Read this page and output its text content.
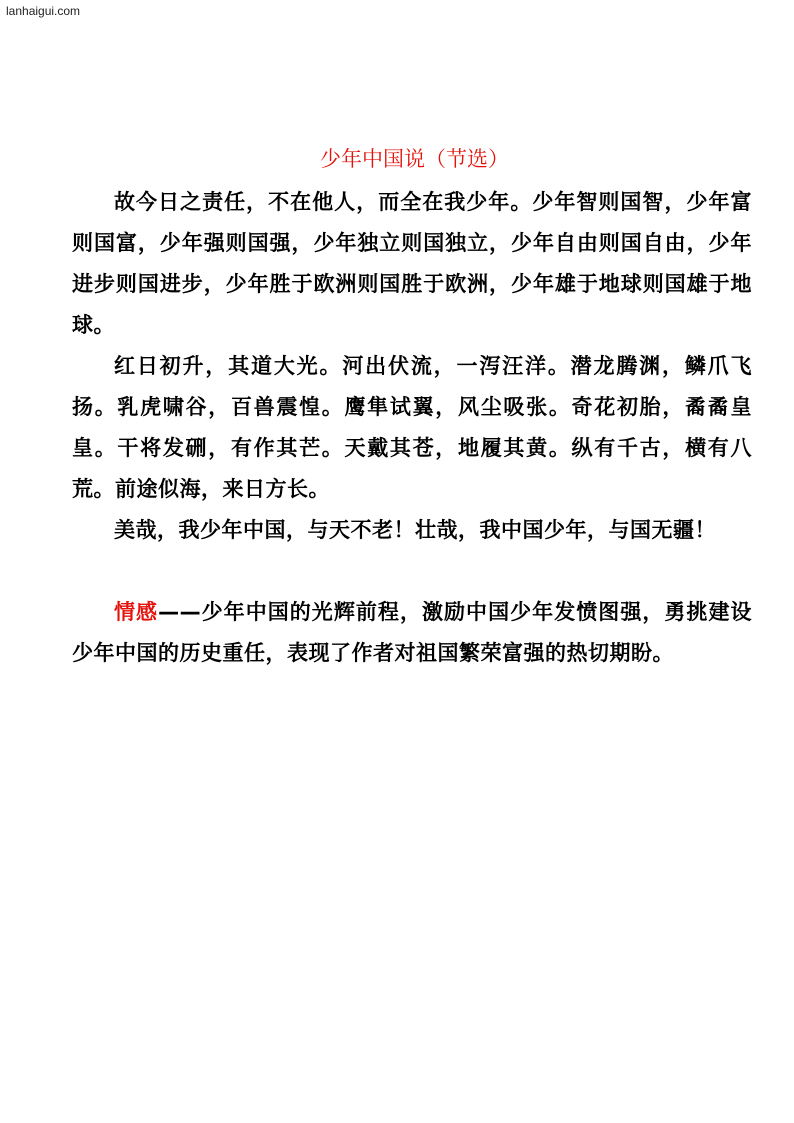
lanhaigui.com
少年中国说（节选）

故今日之责任，不在他人，而全在我少年。少年智则国智，少年富则国富，少年强则国强，少年独立则国独立，少年自由则国自由，少年进步则国进步，少年胜于欧洲则国胜于欧洲，少年雄于地球则国雄于地球。

红日初升，其道大光。河出伏流，一泻汪洋。潜龙腾渊，鳞爪飞扬。乳虎啸谷，百兽震惶。鹰隼试翼，风尘吸张。奇花初胎，矞矞皇皇。干将发硎，有作其芒。天戴其苍，地履其黄。纵有千古，横有八荒。前途似海，来日方长。

美哉，我少年中国，与天不老！壮哉，我中国少年，与国无疆！

情感——少年中国的光辉前程，激励中国少年发愤图强，勇挑建设少年中国的历史重任，表现了作者对祖国繁荣富强的热切期盼。
